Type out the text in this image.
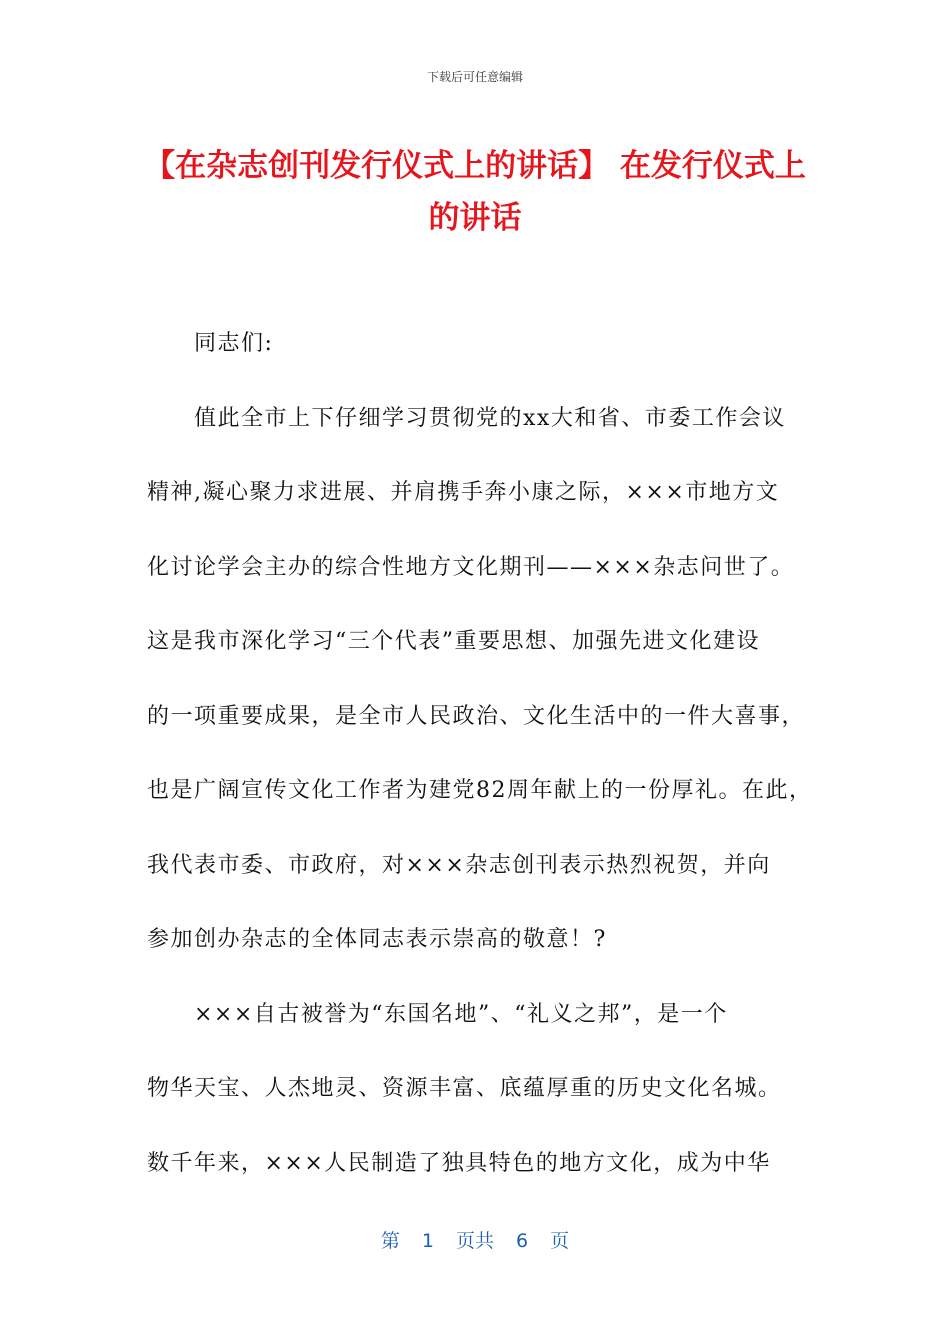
下载后可任意编辑
【在杂志创刊发行仪式上的讲话】 在发行仪式上的讲话
同志们:
值此全市上下仔细学习贯彻党的xx大和省、市委工作会议
精神,凝心聚力求进展、并肩携手奔小康之际，×××市地方文
化讨论学会主办的综合性地方文化期刊——×××杂志问世了。
这是我市深化学习“三个代表”重要思想、加强先进文化建设
的一项重要成果，是全市人民政治、文化生活中的一件大喜事，
也是广阔宣传文化工作者为建党82周年献上的一份厚礼。在此，
我代表市委、市政府，对×××杂志创刊表示热烈祝贺，并向
参加创办杂志的全体同志表示崇高的敬意！?
×××自古被誉为“东国名地”、“礼义之邦”，是一个
物华天宝、人杰地灵、资源丰富、底蕴厚重的历史文化名城。
数千年来，×××人民制造了独具特色的地方文化，成为中华
第 1 页共 6 页
